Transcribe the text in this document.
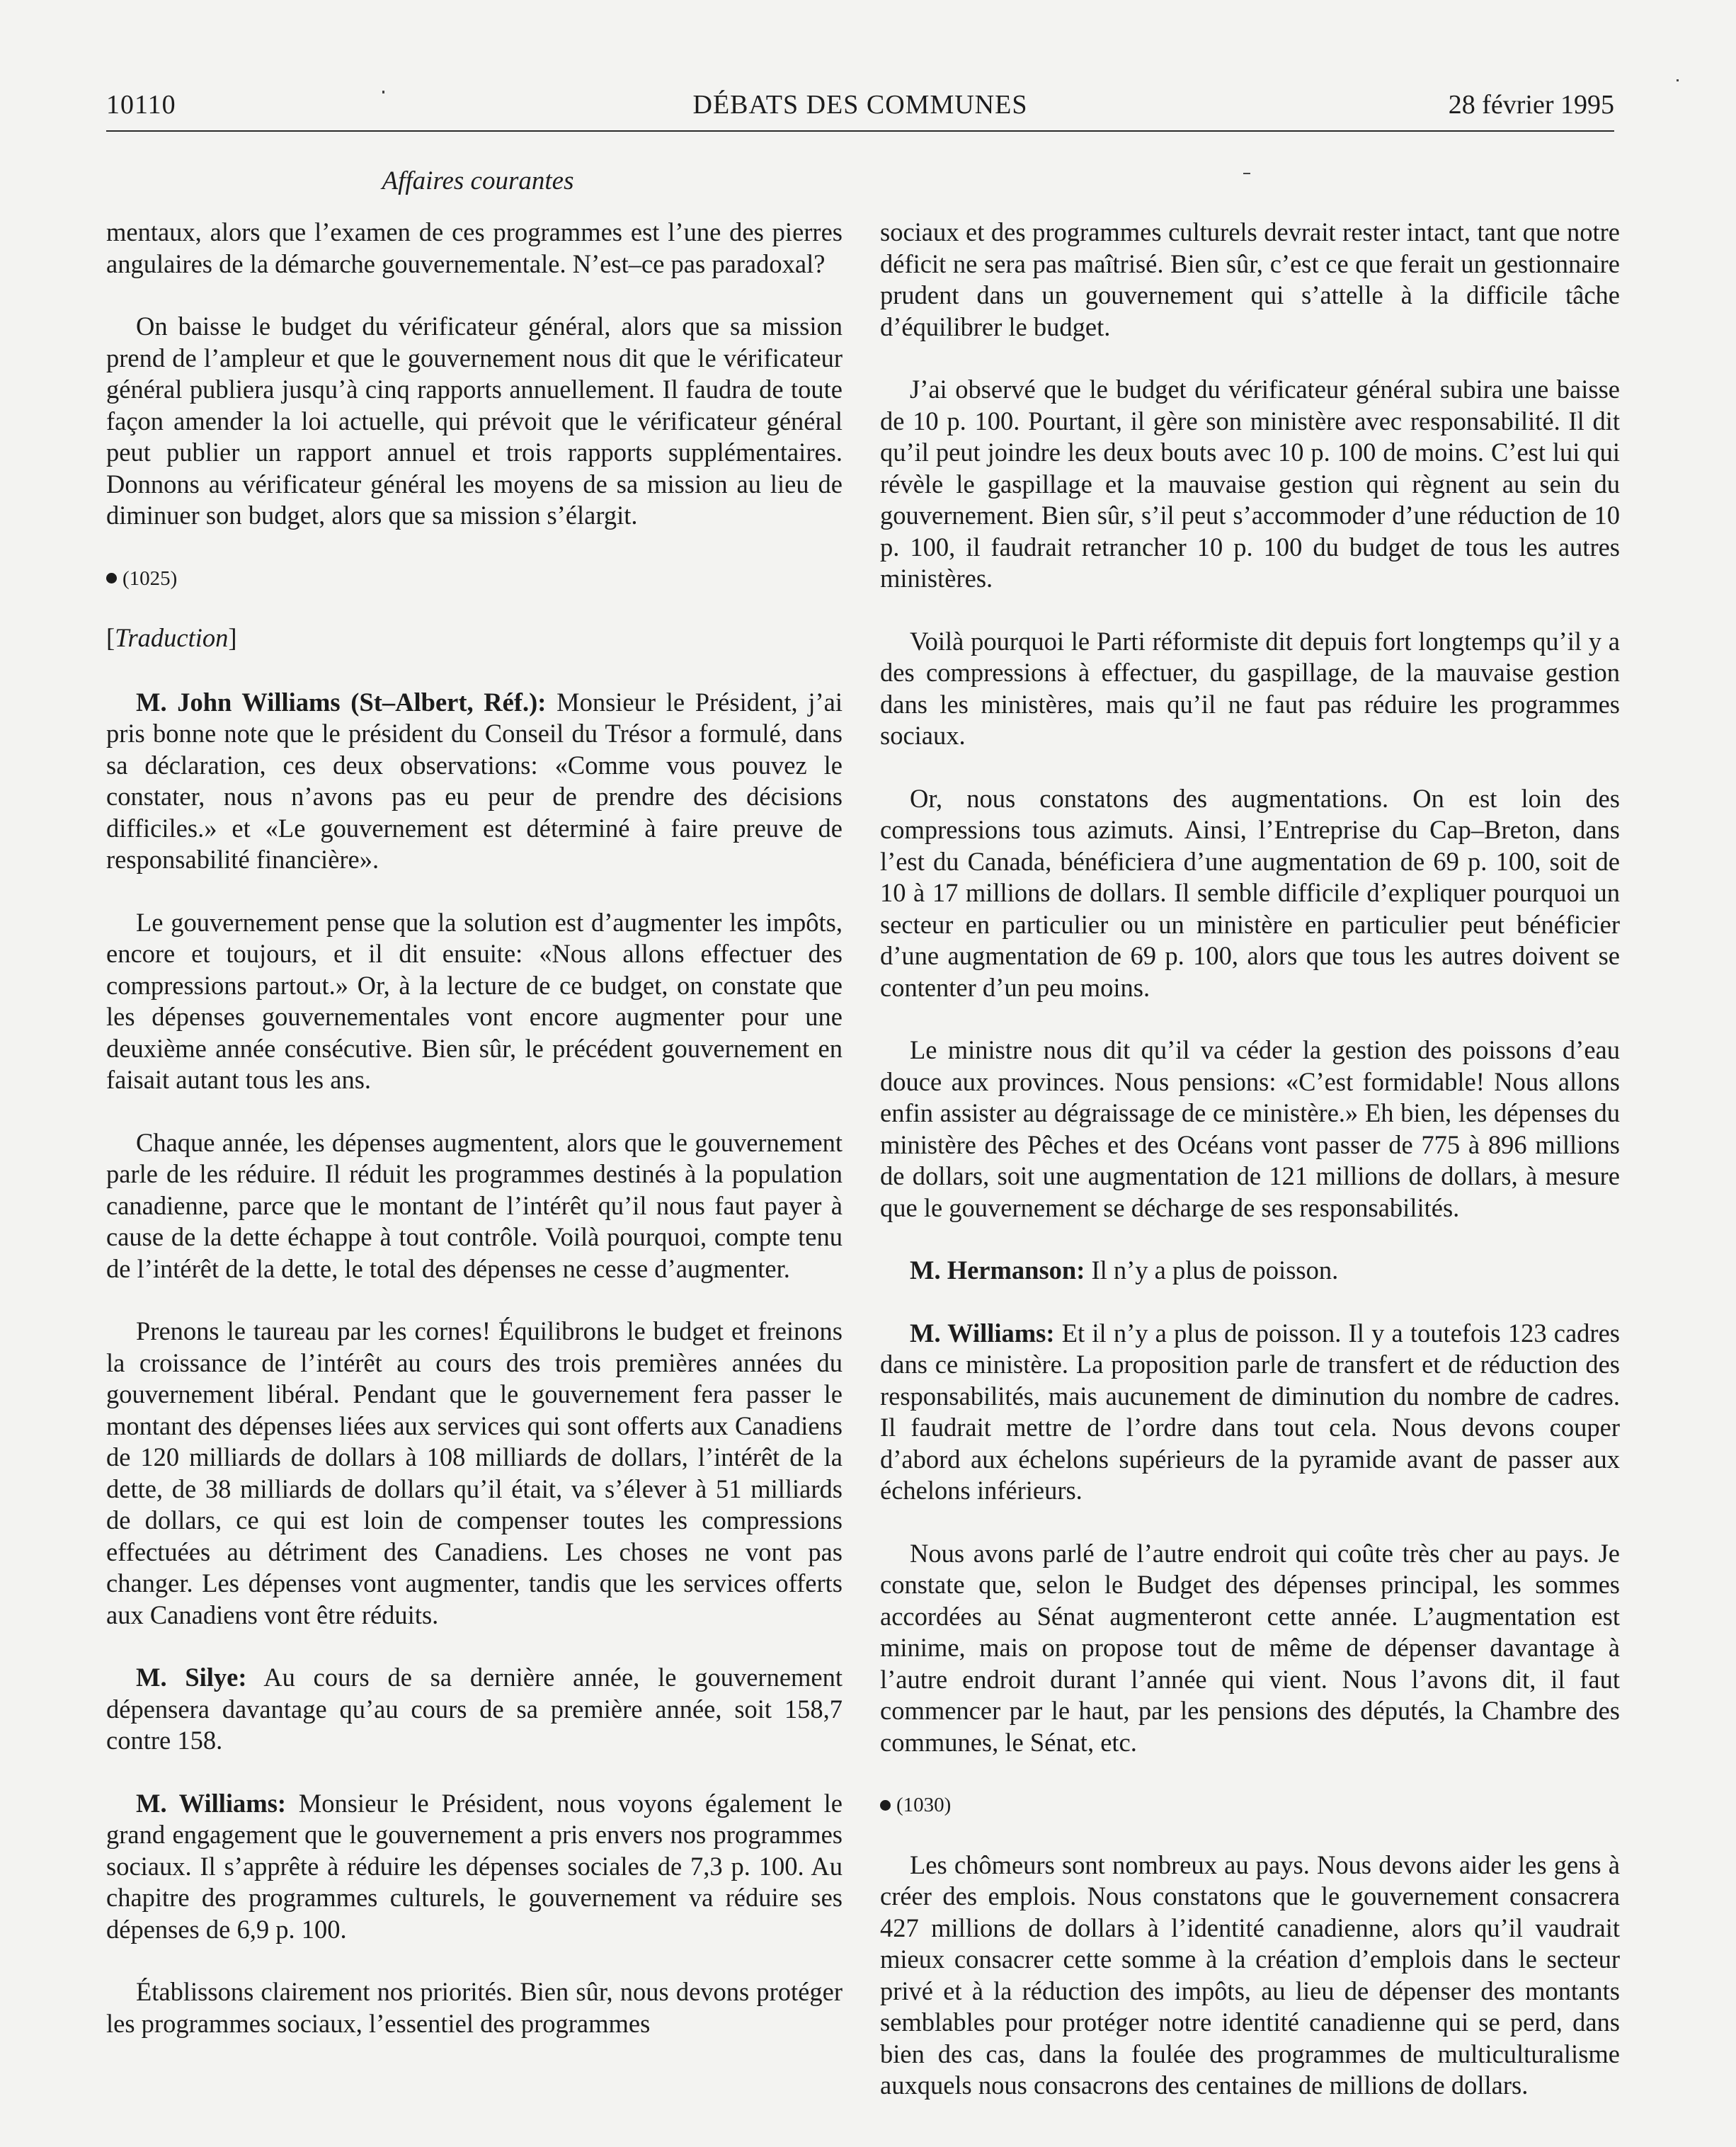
10110	DÉBATS DES COMMUNES	28 février 1995
Affaires courantes

mentaux, alors que l’examen de ces programmes est l’une des pierres angulaires de la démarche gouvernementale. N’est–ce pas paradoxal?

On baisse le budget du vérificateur général, alors que sa mission prend de l’ampleur et que le gouvernement nous dit que le vérificateur général publiera jusqu’à cinq rapports annuellement. Il faudra de toute façon amender la loi actuelle, qui prévoit que le vérificateur général peut publier un rapport annuel et trois rapports supplémentaires. Donnons au vérificateur général les moyens de sa mission au lieu de diminuer son budget, alors que sa mission s’élargit.

(1025)
[Traduction]

M. John Williams (St–Albert, Réf.): Monsieur le Président, j’ai pris bonne note que le président du Conseil du Trésor a formulé, dans sa déclaration, ces deux observations: «Comme vous pouvez le constater, nous n’avons pas eu peur de prendre des décisions difficiles.» et «Le gouvernement est déterminé à faire preuve de responsabilité financière».

Le gouvernement pense que la solution est d’augmenter les impôts, encore et toujours, et il dit ensuite: «Nous allons effectuer des compressions partout.» Or, à la lecture de ce budget, on constate que les dépenses gouvernementales vont encore augmenter pour une deuxième année consécutive. Bien sûr, le précédent gouvernement en faisait autant tous les ans.

Chaque année, les dépenses augmentent, alors que le gouvernement parle de les réduire. Il réduit les programmes destinés à la population canadienne, parce que le montant de l’intérêt qu’il nous faut payer à cause de la dette échappe à tout contrôle. Voilà pourquoi, compte tenu de l’intérêt de la dette, le total des dépenses ne cesse d’augmenter.

Prenons le taureau par les cornes! Équilibrons le budget et freinons la croissance de l’intérêt au cours des trois premières années du gouvernement libéral. Pendant que le gouvernement fera passer le montant des dépenses liées aux services qui sont offerts aux Canadiens de 120 milliards de dollars à 108 milliards de dollars, l’intérêt de la dette, de 38 milliards de dollars qu’il était, va s’élever à 51 milliards de dollars, ce qui est loin de compenser toutes les compressions effectuées au détriment des Canadiens. Les choses ne vont pas changer. Les dépenses vont augmenter, tandis que les services offerts aux Canadiens vont être réduits.

M. Silye: Au cours de sa dernière année, le gouvernement dépensera davantage qu’au cours de sa première année, soit 158,7 contre 158.

M. Williams: Monsieur le Président, nous voyons également le grand engagement que le gouvernement a pris envers nos programmes sociaux. Il s’apprête à réduire les dépenses sociales de 7,3 p. 100. Au chapitre des programmes culturels, le gouvernement va réduire ses dépenses de 6,9 p. 100.

Établissons clairement nos priorités. Bien sûr, nous devons protéger les programmes sociaux, l’essentiel des programmes

sociaux et des programmes culturels devrait rester intact, tant que notre déficit ne sera pas maîtrisé. Bien sûr, c’est ce que ferait un gestionnaire prudent dans un gouvernement qui s’attelle à la difficile tâche d’équilibrer le budget.

J’ai observé que le budget du vérificateur général subira une baisse de 10 p. 100. Pourtant, il gère son ministère avec responsabilité. Il dit qu’il peut joindre les deux bouts avec 10 p. 100 de moins. C’est lui qui révèle le gaspillage et la mauvaise gestion qui règnent au sein du gouvernement. Bien sûr, s’il peut s’accommoder d’une réduction de 10 p. 100, il faudrait retrancher 10 p. 100 du budget de tous les autres ministères.

Voilà pourquoi le Parti réformiste dit depuis fort longtemps qu’il y a des compressions à effectuer, du gaspillage, de la mauvaise gestion dans les ministères, mais qu’il ne faut pas réduire les programmes sociaux.

Or, nous constatons des augmentations. On est loin des compressions tous azimuts. Ainsi, l’Entreprise du Cap–Breton, dans l’est du Canada, bénéficiera d’une augmentation de 69 p. 100, soit de 10 à 17 millions de dollars. Il semble difficile d’expliquer pourquoi un secteur en particulier ou un ministère en particulier peut bénéficier d’une augmentation de 69 p. 100, alors que tous les autres doivent se contenter d’un peu moins.

Le ministre nous dit qu’il va céder la gestion des poissons d’eau douce aux provinces. Nous pensions: «C’est formidable! Nous allons enfin assister au dégraissage de ce ministère.» Eh bien, les dépenses du ministère des Pêches et des Océans vont passer de 775 à 896 millions de dollars, soit une augmentation de 121 millions de dollars, à mesure que le gouvernement se décharge de ses responsabilités.

M. Hermanson: Il n’y a plus de poisson.

M. Williams: Et il n’y a plus de poisson. Il y a toutefois 123 cadres dans ce ministère. La proposition parle de transfert et de réduction des responsabilités, mais aucunement de diminution du nombre de cadres. Il faudrait mettre de l’ordre dans tout cela. Nous devons couper d’abord aux échelons supérieurs de la pyramide avant de passer aux échelons inférieurs.

Nous avons parlé de l’autre endroit qui coûte très cher au pays. Je constate que, selon le Budget des dépenses principal, les sommes accordées au Sénat augmenteront cette année. L’augmentation est minime, mais on propose tout de même de dépenser davantage à l’autre endroit durant l’année qui vient. Nous l’avons dit, il faut commencer par le haut, par les pensions des députés, la Chambre des communes, le Sénat, etc.

(1030)

Les chômeurs sont nombreux au pays. Nous devons aider les gens à créer des emplois. Nous constatons que le gouvernement consacrera 427 millions de dollars à l’identité canadienne, alors qu’il vaudrait mieux consacrer cette somme à la création d’emplois dans le secteur privé et à la réduction des impôts, au lieu de dépenser des montants semblables pour protéger notre identité canadienne qui se perd, dans bien des cas, dans la foulée des programmes de multiculturalisme auxquels nous consacrons des centaines de millions de dollars.
